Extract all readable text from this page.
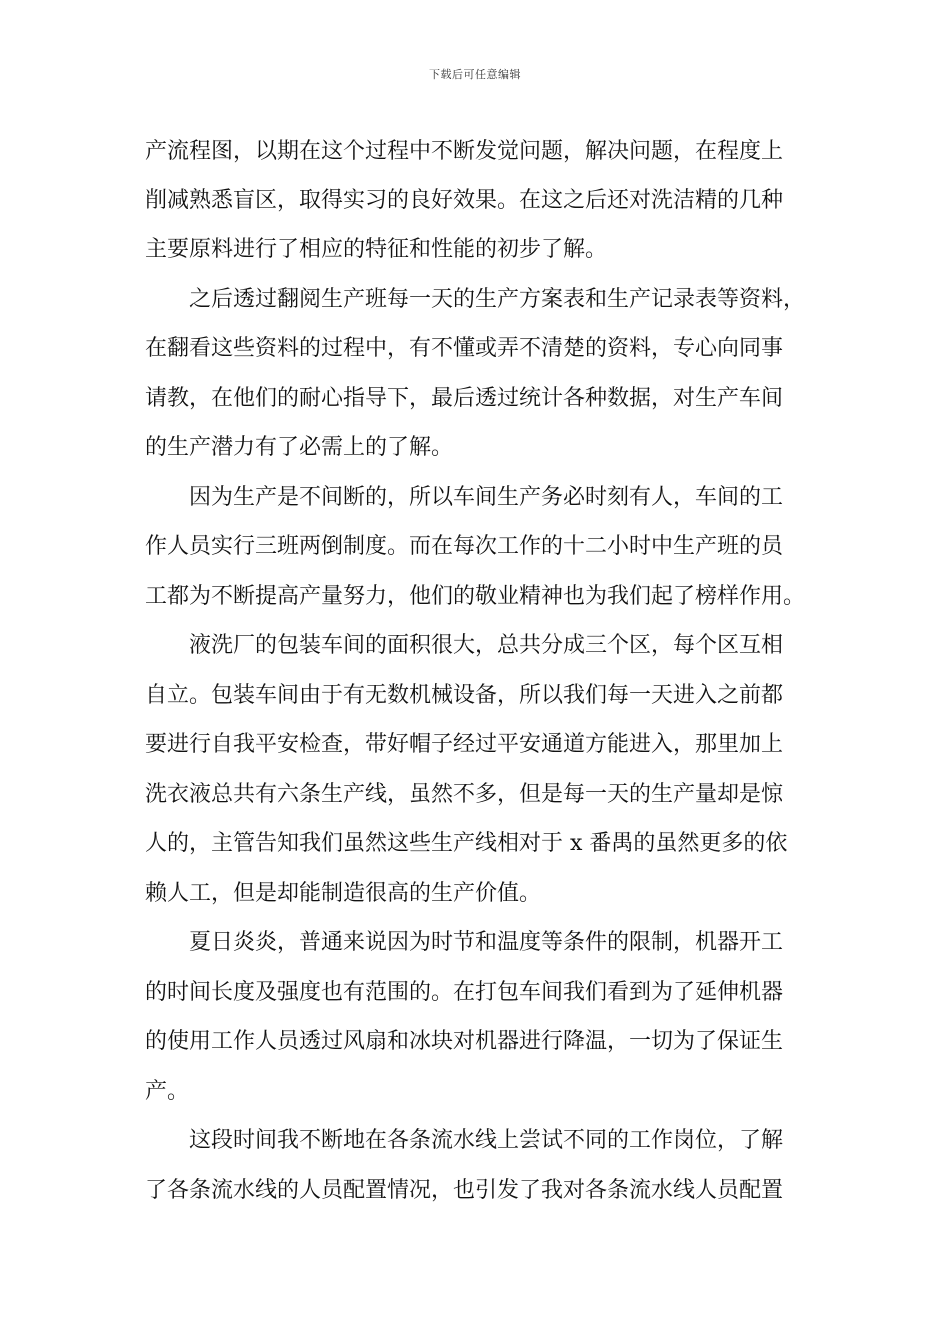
下载后可任意编辑
产流程图，以期在这个过程中不断发觉问题，解决问题，在程度上
削减熟悉盲区，取得实习的良好效果。在这之后还对洗洁精的几种
主要原料进行了相应的特征和性能的初步了解。
之后透过翻阅生产班每一天的生产方案表和生产记录表等资料，
在翻看这些资料的过程中，有不懂或弄不清楚的资料，专心向同事
请教，在他们的耐心指导下，最后透过统计各种数据，对生产车间
的生产潜力有了必需上的了解。
因为生产是不间断的，所以车间生产务必时刻有人，车间的工
作人员实行三班两倒制度。而在每次工作的十二小时中生产班的员
工都为不断提高产量努力，他们的敬业精神也为我们起了榜样作用。
液洗厂的包装车间的面积很大，总共分成三个区，每个区互相
自立。包装车间由于有无数机械设备，所以我们每一天进入之前都
要进行自我平安检查，带好帽子经过平安通道方能进入，那里加上
洗衣液总共有六条生产线，虽然不多，但是每一天的生产量却是惊
人的，主管告知我们虽然这些生产线相对于 x 番禺的虽然更多的依
赖人工，但是却能制造很高的生产价值。
夏日炎炎，普通来说因为时节和温度等条件的限制，机器开工
的时间长度及强度也有范围的。在打包车间我们看到为了延伸机器
的使用工作人员透过风扇和冰块对机器进行降温，一切为了保证生
产。
这段时间我不断地在各条流水线上尝试不同的工作岗位，了解
了各条流水线的人员配置情况，也引发了我对各条流水线人员配置
